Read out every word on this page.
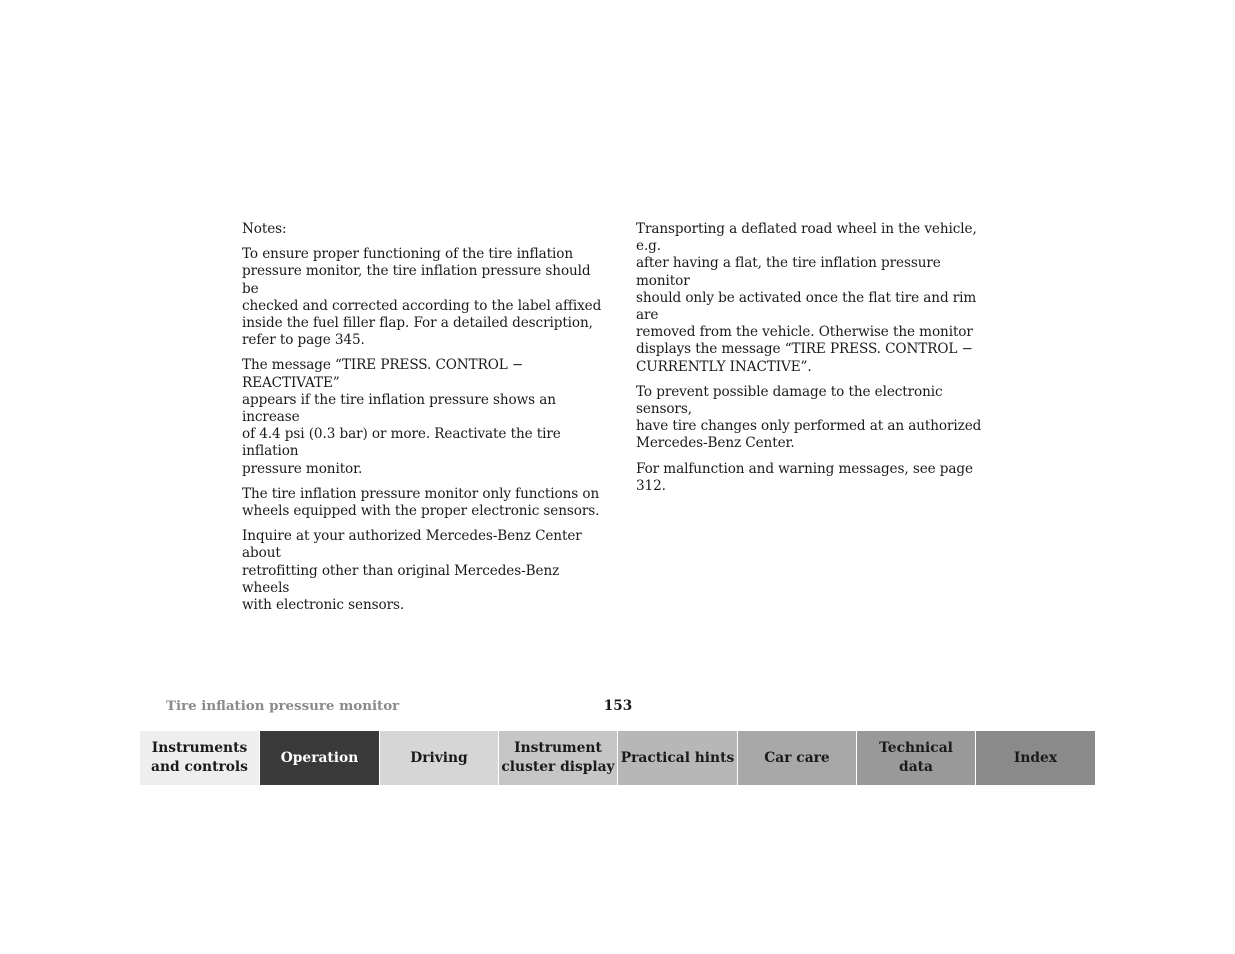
Notes:

To ensure proper functioning of the tire inflation
pressure monitor, the tire inflation pressure should be
checked and corrected according to the label affixed
inside the fuel filler flap. For a detailed description,
refer to page 345.

The message “TIRE PRESS. CONTROL − REACTIVATE”
appears if the tire inflation pressure shows an increase
of 4.4 psi (0.3 bar) or more. Reactivate the tire inflation
pressure monitor.

The tire inflation pressure monitor only functions on
wheels equipped with the proper electronic sensors.

Inquire at your authorized Mercedes-Benz Center about
retrofitting other than original Mercedes-Benz wheels
with electronic sensors.

Transporting a deflated road wheel in the vehicle, e.g.
after having a flat, the tire inflation pressure monitor
should only be activated once the flat tire and rim are
removed from the vehicle. Otherwise the monitor
displays the message “TIRE PRESS. CONTROL −
CURRENTLY INACTIVE”.

To prevent possible damage to the electronic sensors,
have tire changes only performed at an authorized
Mercedes-Benz Center.

For malfunction and warning messages, see page 312.

Tire inflation pressure monitor	153
Instruments
and controls
Operation	Driving
Instrument
cluster display
Practical hints	Car care
Technical
data
Index
